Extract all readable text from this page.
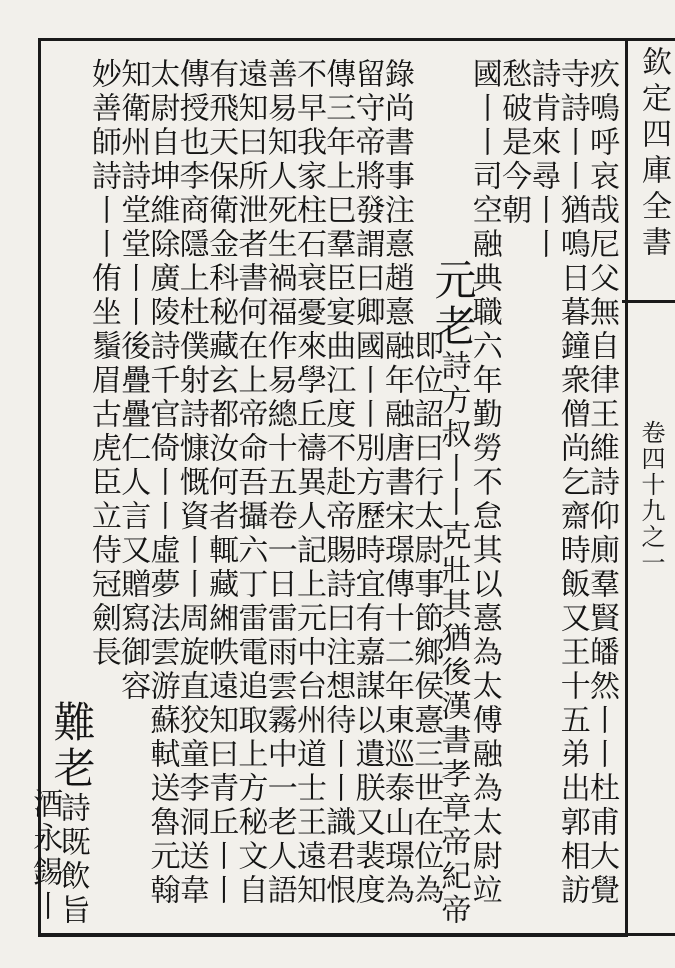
欽定四庫全書
卷四十九之一
疚鳴呼哀哉尼父無自律王維詩仰廁羣賢皤然丨丨杜甫大覺
寺詩丨丨猶鳴日暮鐘衆僧尚乞齋時飯又王十五弟出郭相訪
詩肯來尋丨丨
愁破是今朝
國丨丨司空融典職六年勤勞不怠其以憙為太傅融為太尉竝
元老詩方叔丨丨克壯其猶後漢書孝章帝紀帝
即位詔曰行太尉事節鄉侯憙三世在位為
錄尚書事注憙趙憙融年融唐書宋璟傳十二年東巡泰山璟為
留守帝將發謂曰卿國丨丨別方歷時宜有嘉謀以遺朕又裴度
傳三年上巳羣臣宴曲江度不赴帝賜詩曰注想待丨丨識君恨
不早我家柱石衰憂來學丘禱異人記上元中台州道士王遠知
善易知人死生禍福作易總十五卷一日雷雨雲霧中一老人語
遠知曰所泄者書何在上帝命吾攝六丁雷電追取上方秘文自
有飛天保衛金科秘藏玄都汝何者輒藏緗帙遠知曰青丘丨丨
傳授也李商隱上杜僕射詩慷慨資丨丨周旋直狡童李洞送韋
太尉自坤維除廣陵詩千官倚丨丨虛夢法雲游蘇軾送魯元翰
知衛州詩堂堂丨丨後疊疊仁人言又贈寫御容
妙善師詩丨丨侑坐鬚眉古虎臣立侍冠劍長
難老詩既飲旨
酒永錫丨
